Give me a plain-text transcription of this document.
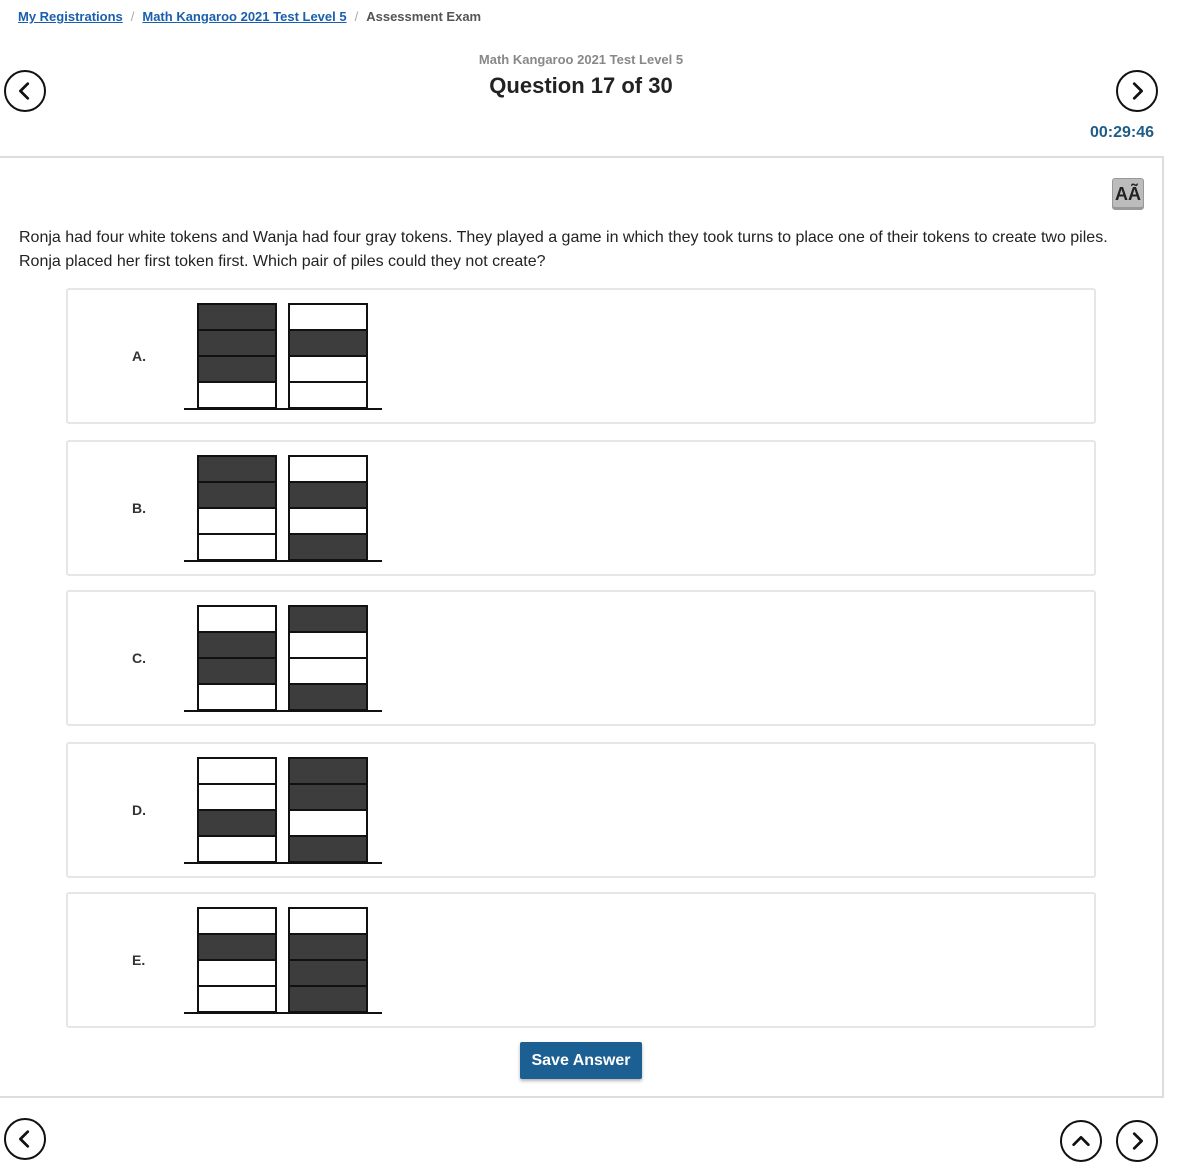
My Registrations / Math Kangaroo 2021 Test Level 5 / Assessment Exam
Math Kangaroo 2021 Test Level 5
Question 17 of 30
00:29:46
AÃ
Ronja had four white tokens and Wanja had four gray tokens. They played a game in which they took turns to place one of their tokens to create two piles. Ronja placed her first token first. Which pair of piles could they not create?
A.
B.
C.
D.
E.
Save Answer
